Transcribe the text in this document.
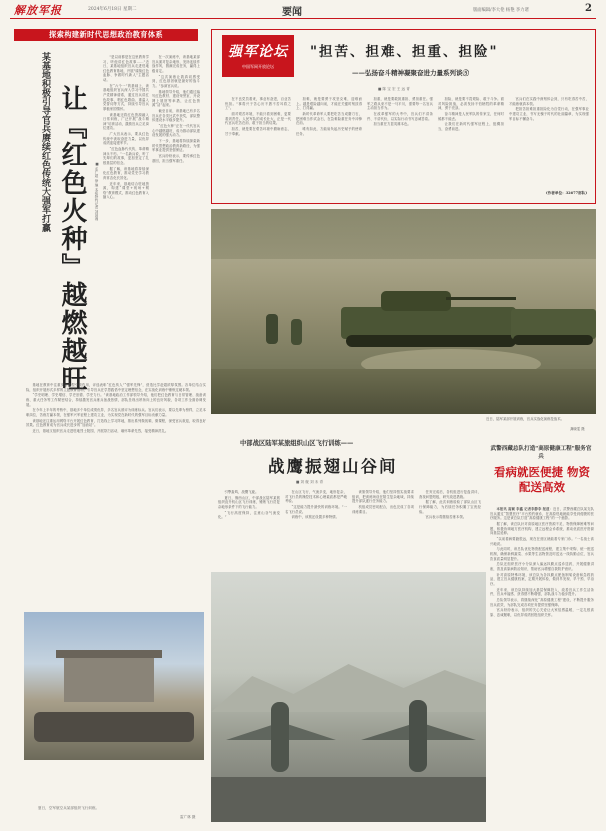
解放军报	2024年6月18日 星期二	要闻	版面编辑/李大伦 杨艳 李力诸	2
探索构建新时代思想政治教育体系
某基地积极引导官兵赓续红色传统大强军打赢 让『红色火种』越燃越旺	■ 孟广超 徐 琳 本报特约记者 刘国湘

"是以前都是在这里教育学习，听他讲红色故事……"近日，某基地组织官兵走进驻地红色教育基地，开展"赓续红色血脉、争做时代新人"主题活动。

在“六个一”的基础上，该基地组织官兵深入学习中国共产党精神谱系，通过官兵讲红色故事、唱红色歌曲、重温入党誓词等方式，持续引导官兵厚植家国情怀。

该基地还将红色资源融入日常训练，广泛开展“战斗精神”培育活动，激励官兵立足岗位建功。

广大官兵表示，要从红色传统中汲取奋进力量，以优异成绩迎接建军节。

“红色血脉代代传，革命精神永不朽。”一名新兵说，听了先辈们的故事，更加坚定了扎根基层的信念。

据了解，该基地将持续深化红色教育，推动党史学习教育常态化长效化。

近年来，基地结合驻地资源，构建“课堂+现场+网络”教育模式，推动红色教育入脑入心。

在一次演练中，该基地某部官兵面对复杂地形，发扬连续作战作风，圆满完成任务，赢得上级肯定。

“这次演练让我真切感受到，红色基因就是最好的战斗力。”参演官兵说。

基地领导介绍，他们通过编写红色教材、建设荣誉室、开设网上展馆等举措，让红色资源“活”起来。

截至目前，该基地已有多名官兵在各类比武中获奖，部队整体建设水平稳步提升。

“红色火种”正在一代代官兵心中越燃越旺，成为推动部队建设发展的强大动力。

下一步，基地将持续探索新时代思想政治教育新路径，为强军事业提供坚强保证。

官兵纷纷表示，要传承红色基因，担当强军重任。

基地在教育中注重发挥典型引领作用，评选表彰“红色传人”“强军先锋”，营造比学赶超浓厚氛围。各单位结合实际，组织开展形式多样的主题教育活动，引导官兵在学思践悟中坚定理想信念，在实战化训练中锤炼过硬本领。

“学史明理、学史增信、学史崇德、学史力行。”该基地政治工作部领导介绍，他们把红色教育与日常管理、战备训练、重大任务等工作紧密结合，持续激发官兵练兵备战热情，部队呈现出昂扬向上的良好风貌，各项工作全面协调发展。

在今年上半年的考核中，基地多个单位成绩优异，多名官兵被评为训练标兵。官兵们表示，要以先辈为榜样，立足本职岗位，苦练打赢本领，在强军兴军征程上建功立业，为实现党在新时代的强军目标贡献力量。

该基地还注重运用网络平台开展红色教育，打造线上学习阵地，推出系列微视频、微课程，深受官兵欢迎，取得良好效果。红色教育成为官兵成长进步的“加油站”。

近日，基地又组织官兵走进驻地烈士陵园，开展祭扫活动，缅怀革命先烈，接受精神洗礼。

夏日，空军航空兵某部组织飞行训练。
雷广林 摄
强军论坛
中国军网开放论坛
"担苦、担难、担重、担险"
——弘扬奋斗精神凝聚奋进力量系列谈⑤
■ 陈 宝 宏 王 远 青

在不良党员看来，事业有奋进，百业苦忧担。"事将兴于苦心历不愚不苦耳将之工"。

面对艰苦环境，不能只看到困难，更要看到责任。人民军队的成长壮大，正是一代代官兵吃苦在前、敢于担当的结果。

担苦，就是要在艰苦环境中磨砺意志，甘于奉献。

担难，就是要勇于攻坚克难，迎难而上。越是艰险越向前，才能在关键时刻顶得上、打得赢。

新时代革命军人要把吃苦当成磨刀石，把困难当作试金石，在急难险重任务中冲锋在前。

唯有如此，方能肩负起历史赋予的使命任务。

担重，就是要敢挑重担、勇担重任。强军之路从来不是一马平川，需要每一名官兵主动担当作为。

在改革强军的大考中，官兵们不讲条件、不讲代价，以实际行动书写忠诚答卷。

担当重任方显英雄本色。

担险，就是要不畏艰险、敢于斗争。面对风险挑战，必须发扬不怕牺牲的革命精神，勇于亮剑。

奋斗精神是人民军队的传家宝，任何时候都不能丢。

让我们在新时代强军征程上，挺膺担当，奋勇前进。

官兵们在实践中深刻体会到，只有吃得苦中苦，才能练就真本领。

把担苦担难担重担险化为自觉行动，在强军事业中建功立业，书写无愧于时代的壮丽篇章，为实现强军目标不懈奋斗。

(作者单位：32677部队)
近日，陆军某部开展训练，官兵实战化演练技战术。
龚晓雯 摄
中部战区陆军某旅组织山区飞行训练——
战鹰振翅山谷间
■ 刘 舰 刘 未 青

引擎轰鸣，战鹰飞旋。

夏日，豫西山区，中部战区陆军某旅组织直升机山区飞行训练，锤炼飞行员复杂地形条件下的飞行能力。

“飞行高度保持，注意山谷气流变化。”

在山区飞行，气流多变，地形复杂，对飞行员的操控技术和心理素质都是严峻考验。

“这是能力提升最快的训练环境。”一名飞行员说。

训练中，该旅还设置多种特情。

该旅领导介绍，他们坚持按实战要求组训，把训练场设在陌生复杂地域，持续提升部队遂行任务能力。

机组成员密切配合，出色完成了各项训练课目。

任务完成后，各机组进行复盘讲评，查找问题短板，研究改进措施。

据了解，此次训练检验了部队山区飞行保障能力，为后续任务积累了宝贵经验。

官兵表示将继续苦练本领。

武警西藏总队打造"高原健康工程"服务官兵
看病就医便捷 物资配送高效

本报讯 高颖 李鑫 记者李静李 报道：近日，武警西藏总队某支队官兵通过“智慧医疗”平台预约就诊，在高原驻地就能享受到便捷的医疗服务。这是该总队打造“高原健康工程”的一个缩影。

据了解，该总队针对高原地区医疗资源不足、物资保障困难等问题，积极协调地方医疗机构，建立远程会诊系统，推动优质医疗资源向基层延伸。

“以前看病要跑很远，现在在营区就能看专家门诊。”一名战士高兴地说。

与此同时，该总队优化物资配送流程，建立集中采购、统一配送机制，确保新鲜蔬菜、水果等生活物资及时送达一线执勤点位，官兵饮食质量明显提升。

总队还组织医疗小分队深入偏远执勤点巡诊送药，开展健康讲座，普及高原病防治知识，帮助官兵增强自我防护意识。

针对高原特殊环境，该总队为各执勤点配备制氧设备和急救药品，建立官兵健康档案，定期开展体检，做到早发现、早干预、早治疗。

近年来，该总队持续加大基层保障投入，改善官兵工作生活条件，官兵幸福感、获得感不断增强，部队战斗力稳步提升。

总队领导表示，将继续深化“高原健康工程”建设，不断提升服务官兵质效，为部队完成各项任务提供坚强保障。

官兵纷纷表示，组织的关心关爱让大家倍感温暖，一定扎根高原、忠诚履职，以优异成绩回报组织关怀。
